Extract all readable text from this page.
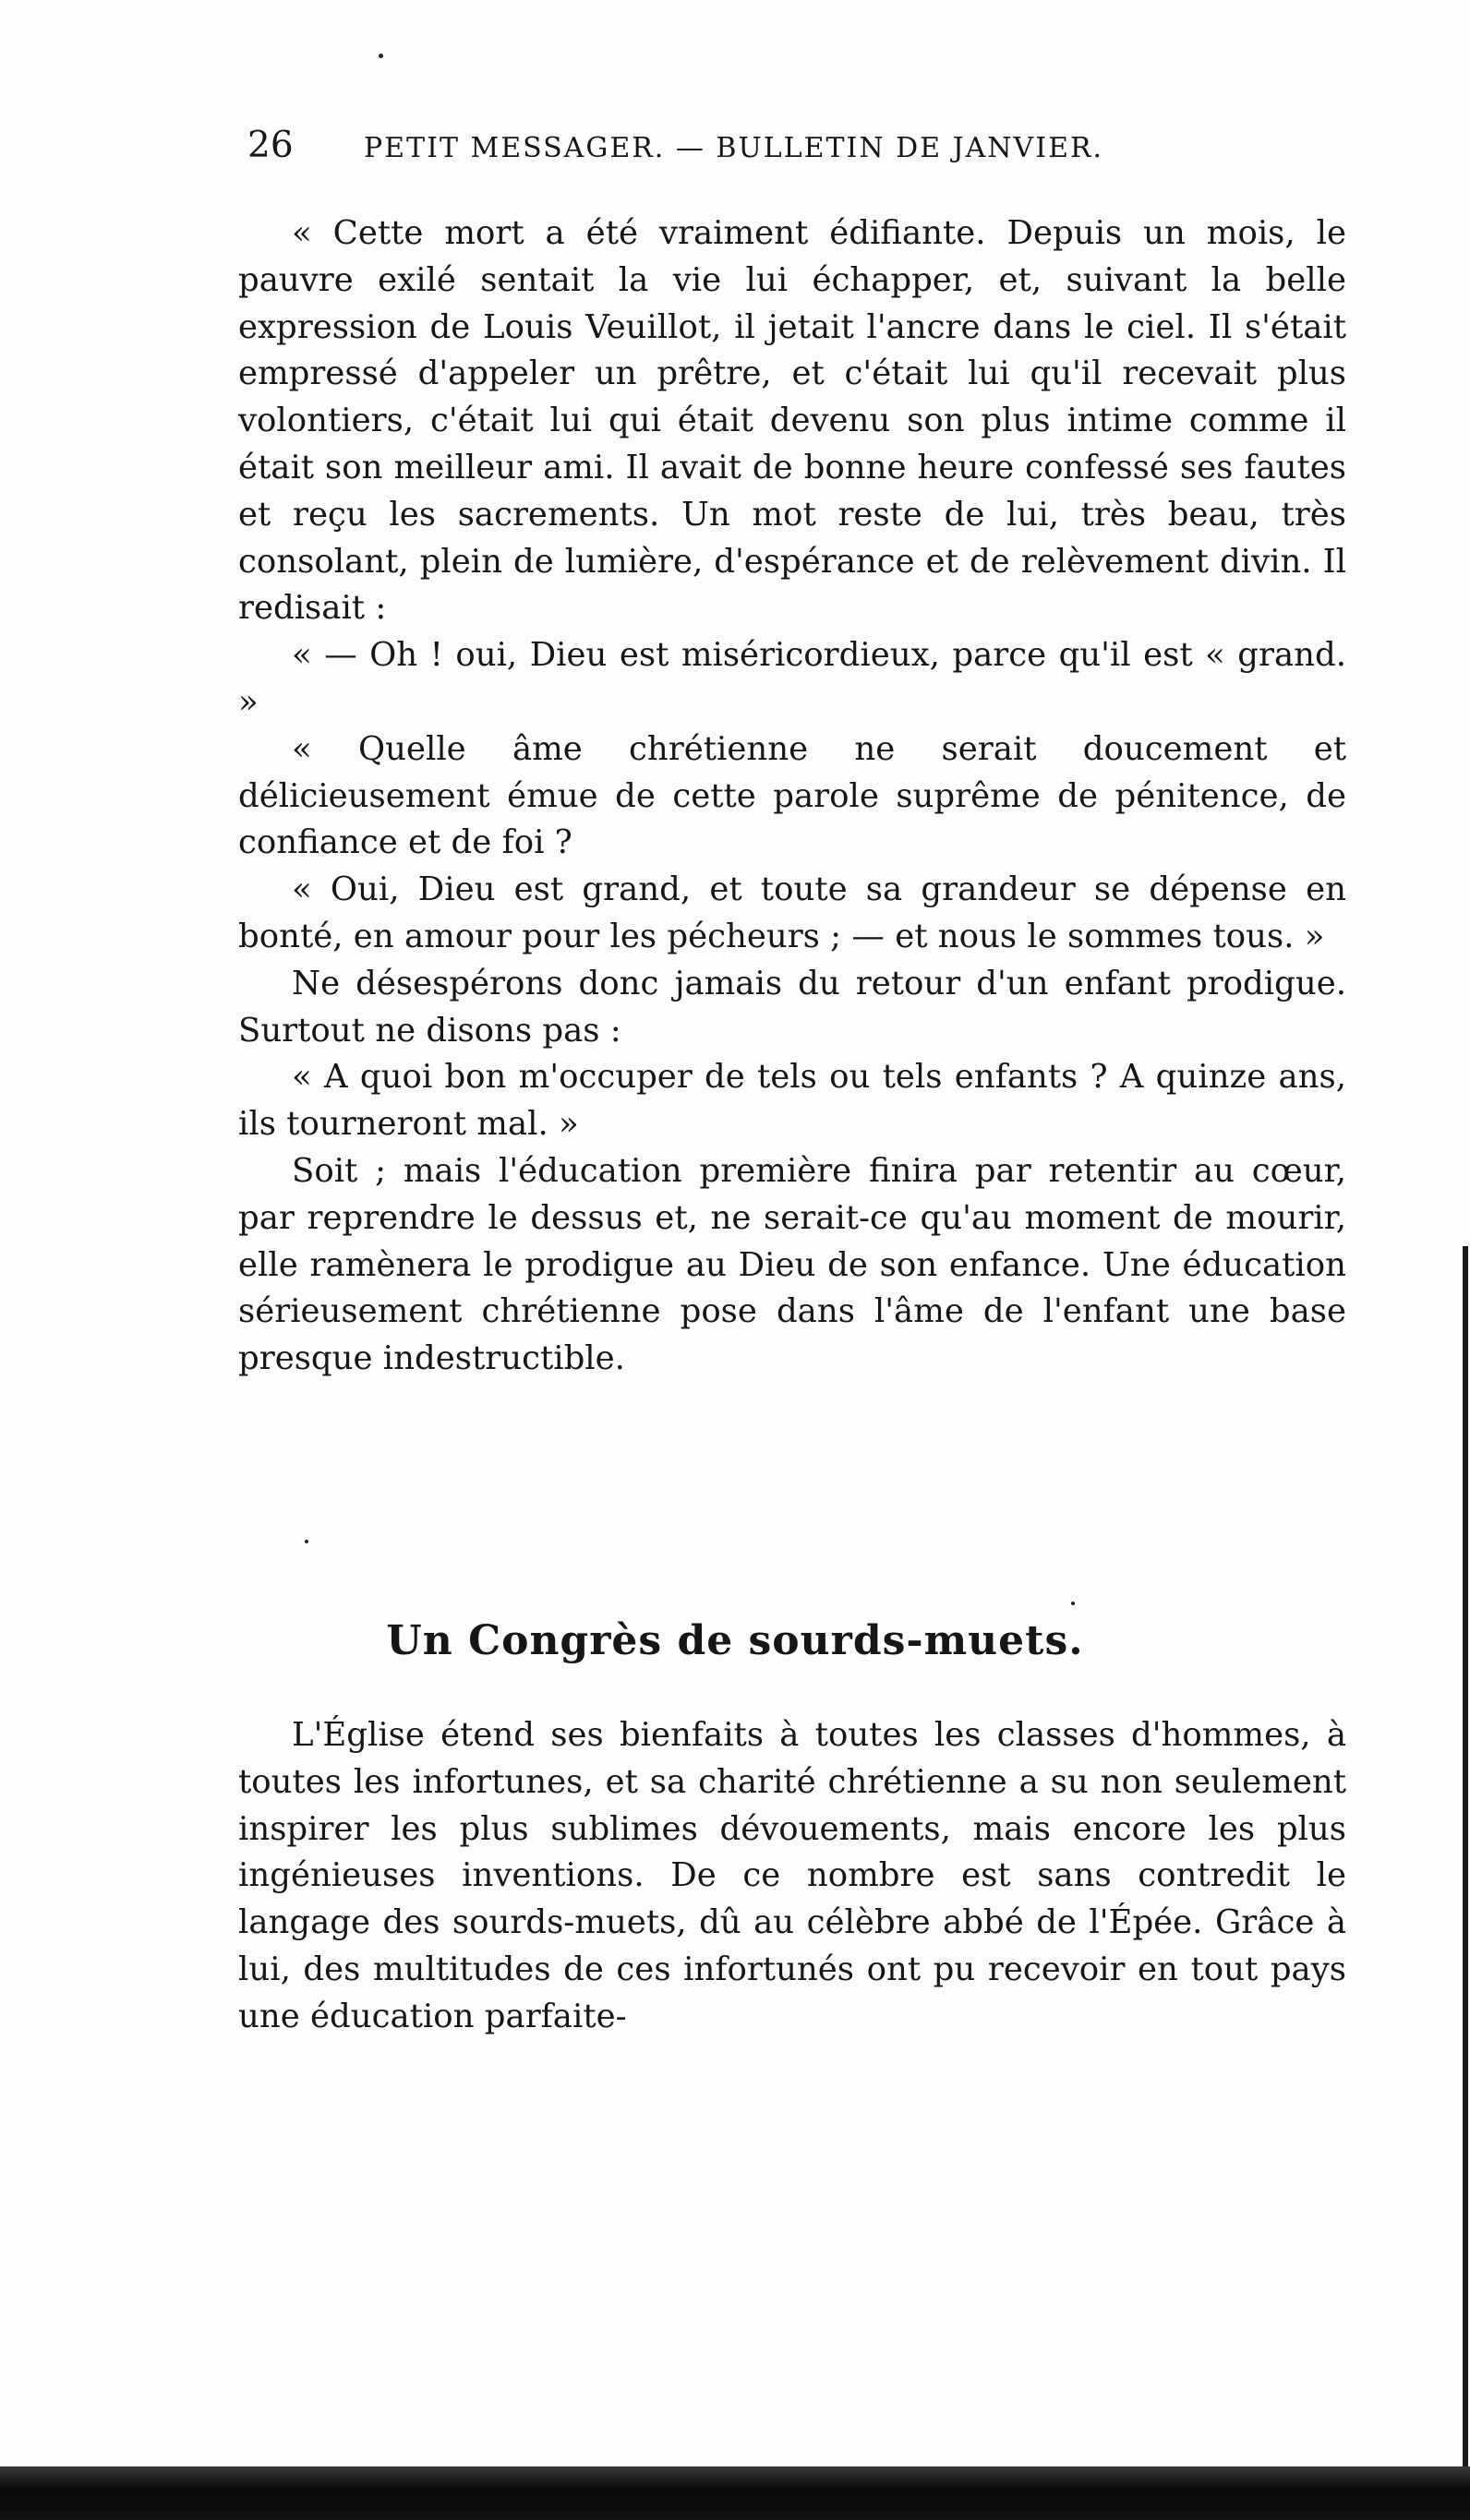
26	PETIT MESSAGER. — BULLETIN DE JANVIER.

« Cette mort a été vraiment édifiante. Depuis un mois, le pauvre exilé sentait la vie lui échapper, et, suivant la belle expression de Louis Veuillot, il jetait l'ancre dans le ciel. Il s'était empressé d'appeler un prêtre, et c'était lui qu'il recevait plus volontiers, c'était lui qui était devenu son plus intime comme il était son meilleur ami. Il avait de bonne heure confessé ses fautes et reçu les sacrements. Un mot reste de lui, très beau, très consolant, plein de lumière, d'espérance et de relèvement divin. Il redisait :

« — Oh ! oui, Dieu est miséricordieux, parce qu'il est « grand. »

« Quelle âme chrétienne ne serait doucement et délicieusement émue de cette parole suprême de pénitence, de confiance et de foi ?

« Oui, Dieu est grand, et toute sa grandeur se dépense en bonté, en amour pour les pécheurs ; — et nous le sommes tous. »

Ne désespérons donc jamais du retour d'un enfant prodigue. Surtout ne disons pas :

« A quoi bon m'occuper de tels ou tels enfants ? A quinze ans, ils tourneront mal. »

Soit ; mais l'éducation première finira par retentir au cœur, par reprendre le dessus et, ne serait-ce qu'au moment de mourir, elle ramènera le prodigue au Dieu de son enfance. Une éducation sérieusement chrétienne pose dans l'âme de l'enfant une base presque indestructible.

Un Congrès de sourds-muets.

L'Église étend ses bienfaits à toutes les classes d'hommes, à toutes les infortunes, et sa charité chrétienne a su non seulement inspirer les plus sublimes dévouements, mais encore les plus ingénieuses inventions. De ce nombre est sans contredit le langage des sourds-muets, dû au célèbre abbé de l'Épée. Grâce à lui, des multitudes de ces infortunés ont pu recevoir en tout pays une éducation parfaite-
